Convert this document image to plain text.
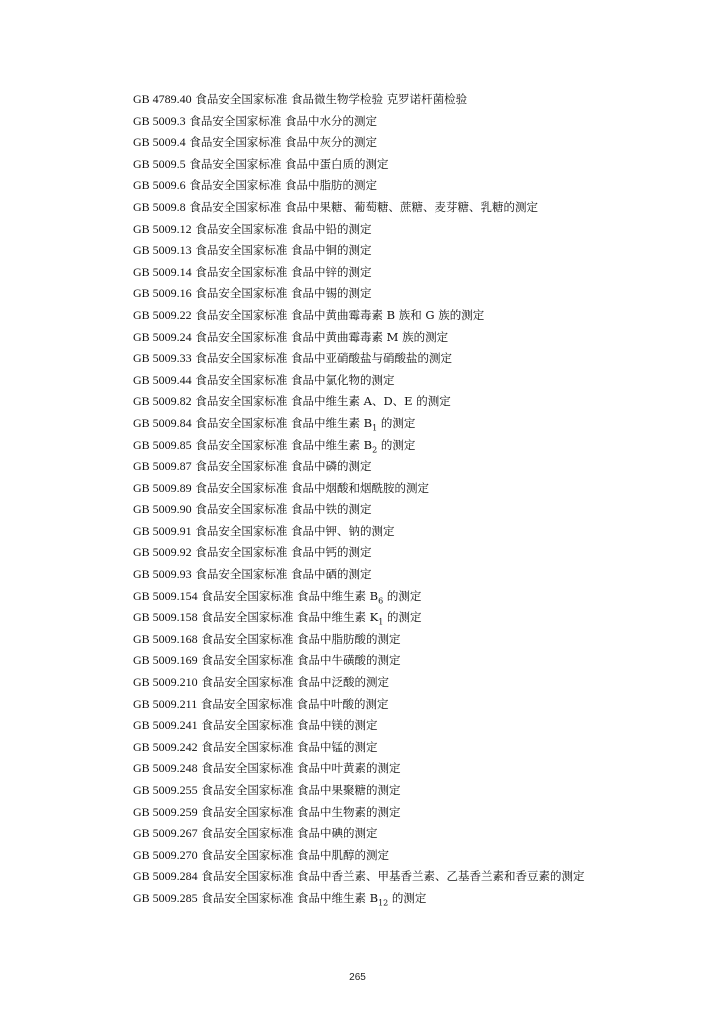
GB 4789.40 食品安全国家标准 食品微生物学检验 克罗诺杆菌检验

GB 5009.3 食品安全国家标准 食品中水分的测定

GB 5009.4 食品安全国家标准 食品中灰分的测定

GB 5009.5 食品安全国家标准 食品中蛋白质的测定

GB 5009.6 食品安全国家标准 食品中脂肪的测定

GB 5009.8 食品安全国家标准 食品中果糖、葡萄糖、蔗糖、麦芽糖、乳糖的测定

GB 5009.12 食品安全国家标准 食品中铅的测定

GB 5009.13 食品安全国家标准 食品中铜的测定

GB 5009.14 食品安全国家标准 食品中锌的测定

GB 5009.16 食品安全国家标准 食品中锡的测定

GB 5009.22 食品安全国家标准 食品中黄曲霉毒素 B 族和 G 族的测定

GB 5009.24 食品安全国家标准 食品中黄曲霉毒素 M 族的测定

GB 5009.33 食品安全国家标准 食品中亚硝酸盐与硝酸盐的测定

GB 5009.44 食品安全国家标准 食品中氯化物的测定

GB 5009.82 食品安全国家标准 食品中维生素 A、D、E 的测定

GB 5009.84 食品安全国家标准 食品中维生素 $B_1$ 的测定

GB 5009.85 食品安全国家标准 食品中维生素 $B_2$ 的测定

GB 5009.87 食品安全国家标准 食品中磷的测定

GB 5009.89 食品安全国家标准 食品中烟酸和烟酰胺的测定

GB 5009.90 食品安全国家标准 食品中铁的测定

GB 5009.91 食品安全国家标准 食品中钾、钠的测定

GB 5009.92 食品安全国家标准 食品中钙的测定

GB 5009.93 食品安全国家标准 食品中硒的测定

GB 5009.154 食品安全国家标准 食品中维生素 $B_6$ 的测定

GB 5009.158 食品安全国家标准 食品中维生素 $K_1$ 的测定

GB 5009.168 食品安全国家标准 食品中脂肪酸的测定

GB 5009.169 食品安全国家标准 食品中牛磺酸的测定

GB 5009.210 食品安全国家标准 食品中泛酸的测定

GB 5009.211 食品安全国家标准 食品中叶酸的测定

GB 5009.241 食品安全国家标准 食品中镁的测定

GB 5009.242 食品安全国家标准 食品中锰的测定

GB 5009.248 食品安全国家标准 食品中叶黄素的测定

GB 5009.255 食品安全国家标准 食品中果聚糖的测定

GB 5009.259 食品安全国家标准 食品中生物素的测定

GB 5009.267 食品安全国家标准 食品中碘的测定

GB 5009.270 食品安全国家标准 食品中肌醇的测定

GB 5009.284 食品安全国家标准 食品中香兰素、甲基香兰素、乙基香兰素和香豆素的测定

GB 5009.285 食品安全国家标准 食品中维生素 $B_{12}$ 的测定

265
